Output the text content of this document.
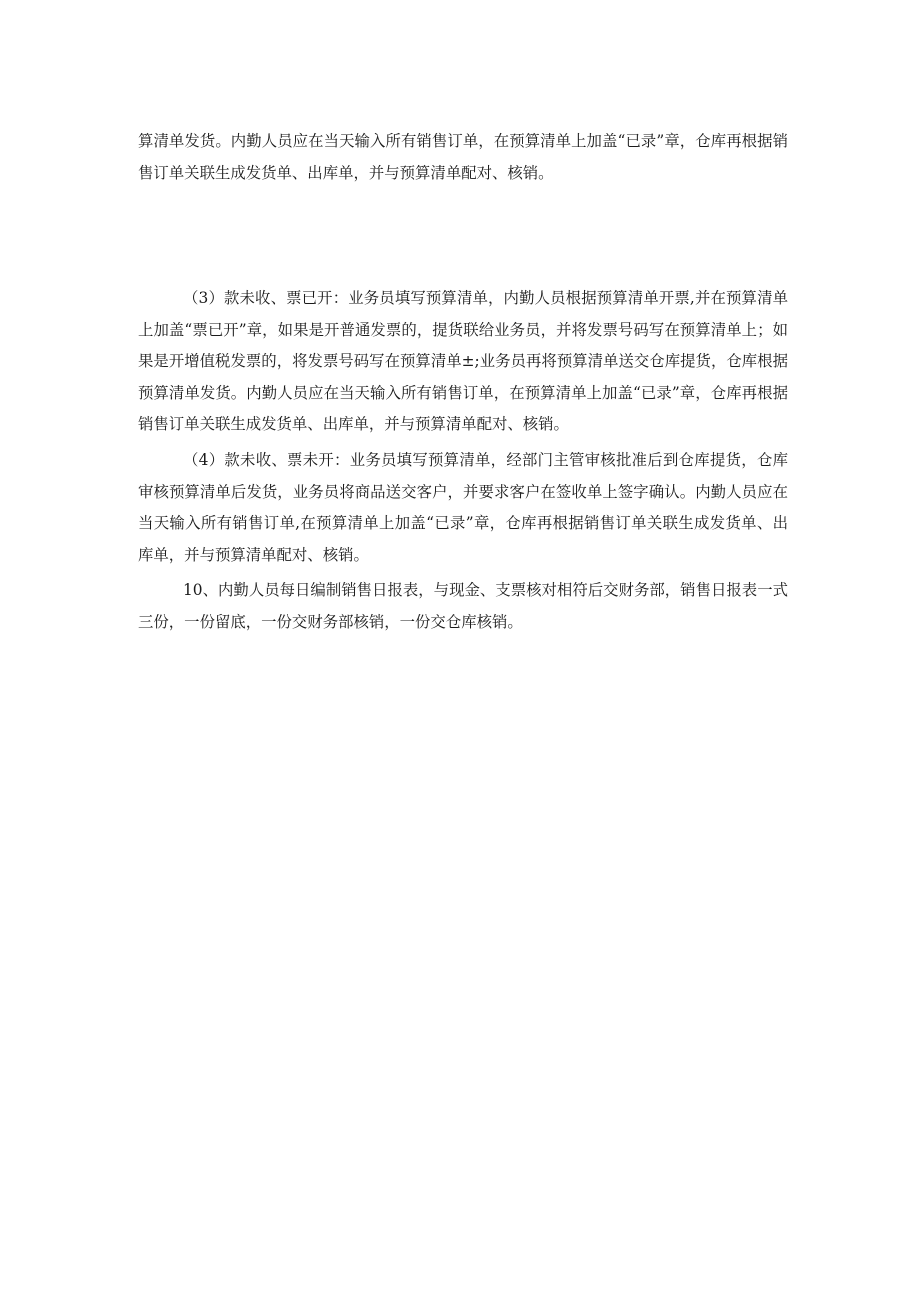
算清单发货。内勤人员应在当天输入所有销售订单，在预算清单上加盖“已录”章，仓库再根据销售订单关联生成发货单、出库单，并与预算清单配对、核销。

（3）款未收、票已开：业务员填写预算清单，内勤人员根据预算清单开票,并在预算清单上加盖“票已开”章，如果是开普通发票的，提货联给业务员，并将发票号码写在预算清单上；如果是开增值税发票的，将发票号码写在预算清单±;业务员再将预算清单送交仓库提货，仓库根据预算清单发货。内勤人员应在当天输入所有销售订单，在预算清单上加盖“已录”章，仓库再根据销售订单关联生成发货单、出库单，并与预算清单配对、核销。

（4）款未收、票未开：业务员填写预算清单，经部门主管审核批准后到仓库提货，仓库审核预算清单后发货，业务员将商品送交客户，并要求客户在签收单上签字确认。内勤人员应在当天输入所有销售订单,在预算清单上加盖“已录”章，仓库再根据销售订单关联生成发货单、出库单，并与预算清单配对、核销。

10、内勤人员每日编制销售日报表，与现金、支票核对相符后交财务部，销售日报表一式三份，一份留底，一份交财务部核销，一份交仓库核销。
